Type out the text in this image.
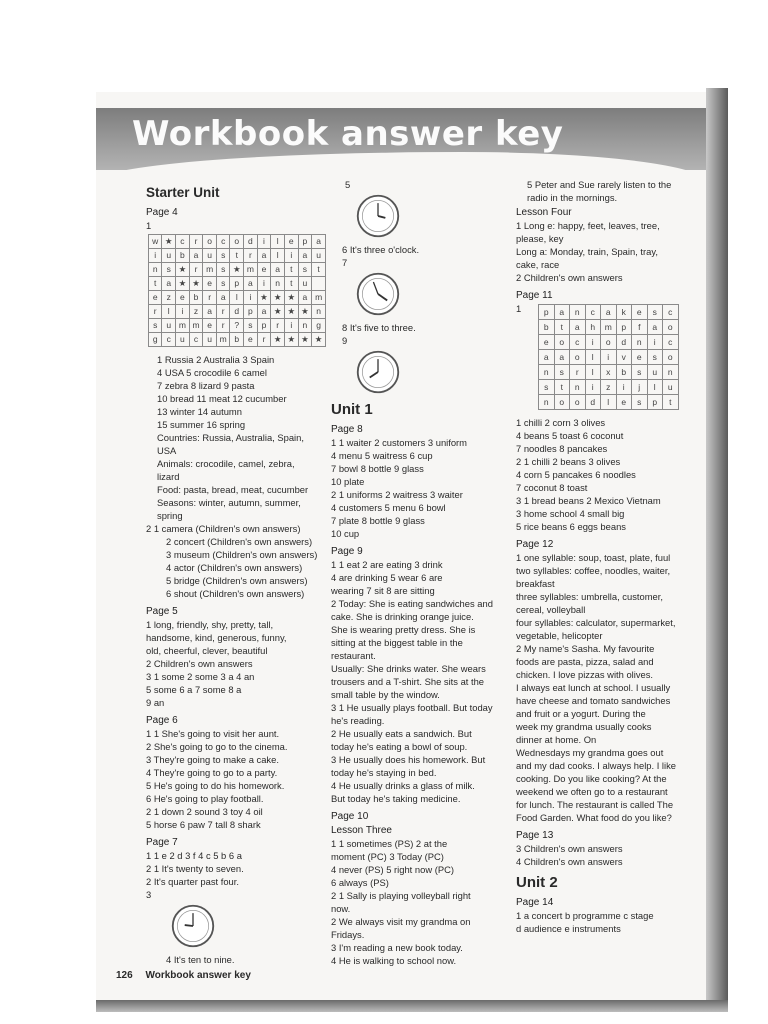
Workbook answer key
Starter Unit
Page 4
1
w	★	c	r	o	c	o	d	i	l	e	p	a
i	u	b	a	u	s	t	r	a	l	i	a	u
n	s	★	r	m	s	★	m	e	a	t	s	t
t	a	★	★	e	s	p	a	i	n	t	u	
e	z	e	b	r	a	l	i	★	★	★	a	m
r	l	i	z	a	r	d	p	a	★	★	★	n
s	u	m	m	e	r	?	s	p	r	i	n	g
g	c	u	c	u	m	b	e	r	★	★	★	★
1 Russia 2 Australia 3 Spain
4 USA 5 crocodile 6 camel
7 zebra 8 lizard 9 pasta
10 bread 11 meat 12 cucumber
13 winter 14 autumn
15 summer 16 spring
Countries: Russia, Australia, Spain,
USA
Animals: crocodile, camel, zebra,
lizard
Food: pasta, bread, meat, cucumber
Seasons: winter, autumn, summer,
spring
2 1 camera (Children's own answers)
2 concert (Children's own answers)
3 museum (Children's own answers)
4 actor (Children's own answers)
5 bridge (Children's own answers)
6 shout (Children's own answers)
Page 5
1 long, friendly, shy, pretty, tall,
handsome, kind, generous, funny,
old, cheerful, clever, beautiful
2 Children's own answers
3 1 some 2 some 3 a 4 an
5 some 6 a 7 some 8 a
9 an
Page 6
1 1 She's going to visit her aunt.
2 She's going to go to the cinema.
3 They're going to make a cake.
4 They're going to go to a party.
5 He's going to do his homework.
6 He's going to play football.
2 1 down 2 sound 3 toy 4 oil
5 horse 6 paw 7 tall 8 shark
Page 7
1 1 e 2 d 3 f 4 c 5 b 6 a
2 1 It's twenty to seven.
2 It's quarter past four.
3
4 It's ten to nine.
5
6 It's three o'clock.
7
8 It's five to three.
9
Unit 1
Page 8
1 1 waiter 2 customers 3 uniform
4 menu 5 waitress 6 cup
7 bowl 8 bottle 9 glass
10 plate
2 1 uniforms 2 waitress 3 waiter
4 customers 5 menu 6 bowl
7 plate 8 bottle 9 glass
10 cup
Page 9
1 1 eat 2 are eating 3 drink
4 are drinking 5 wear 6 are
wearing 7 sit 8 are sitting
2 Today: She is eating sandwiches and
cake. She is drinking orange juice.
She is wearing pretty dress. She is
sitting at the biggest table in the
restaurant.
Usually: She drinks water. She wears
trousers and a T-shirt. She sits at the
small table by the window.
3 1 He usually plays football. But today
he's reading.
2 He usually eats a sandwich. But
today he's eating a bowl of soup.
3 He usually does his homework. But
today he's staying in bed.
4 He usually drinks a glass of milk.
But today he's taking medicine.
Page 10
Lesson Three
1 1 sometimes (PS) 2 at the
moment (PC) 3 Today (PC)
4 never (PS) 5 right now (PC)
6 always (PS)
2 1 Sally is playing volleyball right
now.
2 We always visit my grandma on
Fridays.
3 I'm reading a new book today.
4 He is walking to school now.
5 Peter and Sue rarely listen to the
radio in the mornings.
Lesson Four
1 Long e: happy, feet, leaves, tree,
please, key
Long a: Monday, train, Spain, tray,
cake, race
2 Children's own answers
Page 11
1	p	a	n	c	a	k	e	s	c
b	t	a	h	m	p	f	a	o
e	o	c	i	o	d	n	i	c
a	a	o	l	i	v	e	s	o
n	s	r	l	x	b	s	u	n
s	t	n	i	z	i	j	l	u
n	o	o	d	l	e	s	p	t
1 chilli 2 corn 3 olives
4 beans 5 toast 6 coconut
7 noodles 8 pancakes
2 1 chilli 2 beans 3 olives
4 corn 5 pancakes 6 noodles
7 coconut 8 toast
3 1 bread beans 2 Mexico Vietnam
3 home school 4 small big
5 rice beans 6 eggs beans
Page 12
1 one syllable: soup, toast, plate, fuul
two syllables: coffee, noodles, waiter,
breakfast
three syllables: umbrella, customer,
cereal, volleyball
four syllables: calculator, supermarket,
vegetable, helicopter
2 My name's Sasha. My favourite
foods are pasta, pizza, salad and
chicken. I love pizzas with olives.
I always eat lunch at school. I usually
have cheese and tomato sandwiches
and fruit or a yogurt. During the
week my grandma usually cooks
dinner at home. On
Wednesdays my grandma goes out
and my dad cooks. I always help. I like
cooking. Do you like cooking? At the
weekend we often go to a restaurant
for lunch. The restaurant is called The
Food Garden. What food do you like?
Page 13
3 Children's own answers
4 Children's own answers
Unit 2
Page 14
1 a concert b programme c stage
d audience e instruments
126 Workbook answer key
